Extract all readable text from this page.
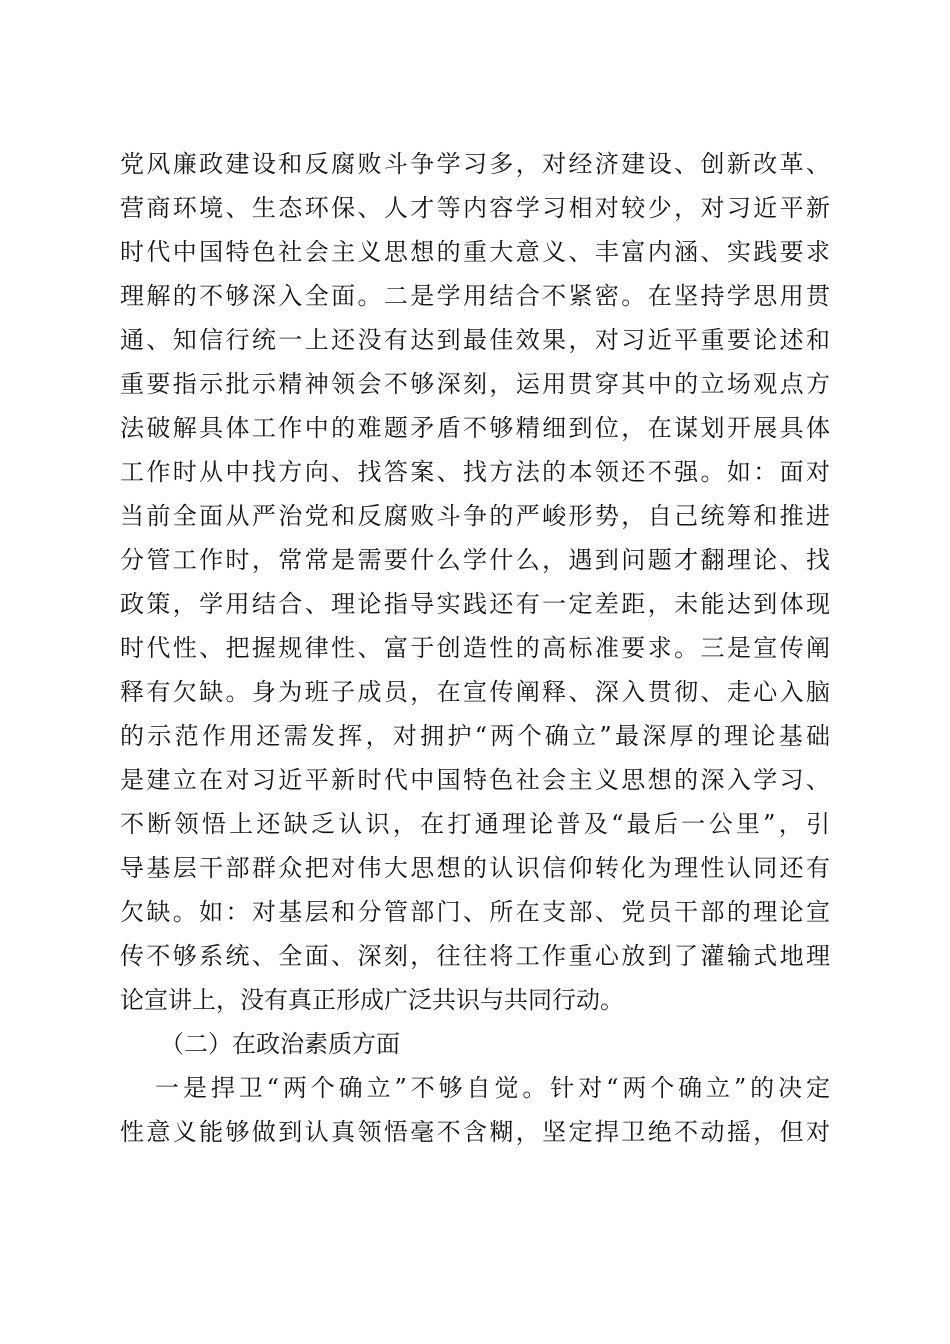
党风廉政建设和反腐败斗争学习多，对经济建设、创新改革、
营商环境、生态环保、人才等内容学习相对较少，对习近平新
时代中国特色社会主义思想的重大意义、丰富内涵、实践要求
理解的不够深入全面。二是学用结合不紧密。在坚持学思用贯
通、知信行统一上还没有达到最佳效果，对习近平重要论述和
重要指示批示精神领会不够深刻，运用贯穿其中的立场观点方
法破解具体工作中的难题矛盾不够精细到位，在谋划开展具体
工作时从中找方向、找答案、找方法的本领还不强。如：面对
当前全面从严治党和反腐败斗争的严峻形势，自己统筹和推进
分管工作时，常常是需要什么学什么，遇到问题才翻理论、找
政策，学用结合、理论指导实践还有一定差距，未能达到体现
时代性、把握规律性、富于创造性的高标准要求。三是宣传阐
释有欠缺。身为班子成员，在宣传阐释、深入贯彻、走心入脑
的示范作用还需发挥，对拥护“两个确立”最深厚的理论基础
是建立在对习近平新时代中国特色社会主义思想的深入学习、
不断领悟上还缺乏认识，在打通理论普及“最后一公里”，引
导基层干部群众把对伟大思想的认识信仰转化为理性认同还有
欠缺。如：对基层和分管部门、所在支部、党员干部的理论宣
传不够系统、全面、深刻，往往将工作重心放到了灌输式地理
论宣讲上，没有真正形成广泛共识与共同行动。
（二）在政治素质方面
一是捍卫“两个确立”不够自觉。针对“两个确立”的决定
性意义能够做到认真领悟毫不含糊，坚定捍卫绝不动摇，但对
